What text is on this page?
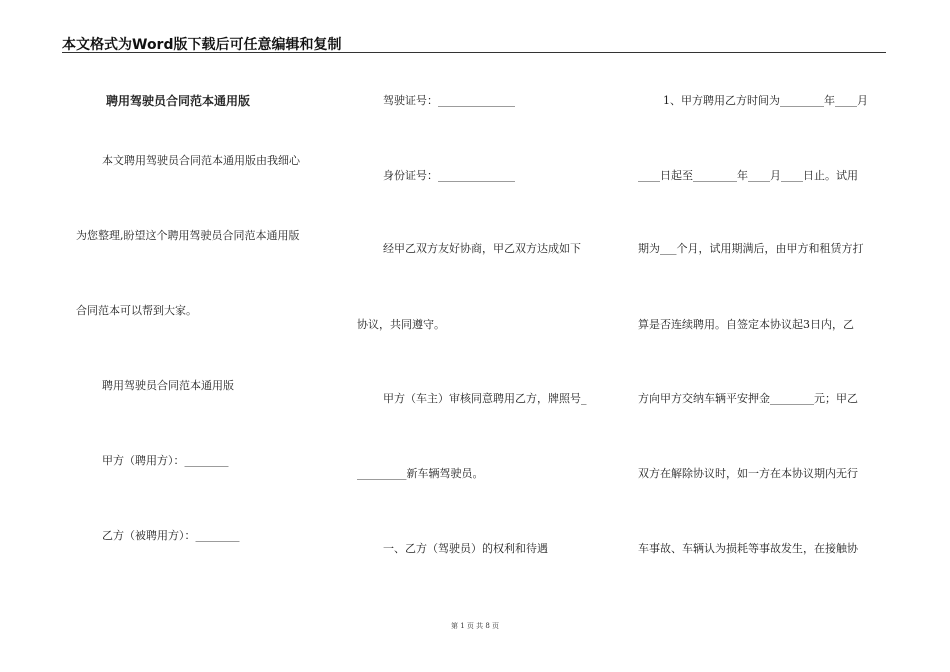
本文格式为Word版下载后可任意编辑和复制
聘用驾驶员合同范本通用版
本文聘用驾驶员合同范本通用版由我细心
为您整理,盼望这个聘用驾驶员合同范本通用版
合同范本可以帮到大家。
聘用驾驶员合同范本通用版
甲方（聘用方）：________
乙方（被聘用方）：________
驾驶证号：______________
身份证号：______________
经甲乙双方友好协商，甲乙双方达成如下
协议，共同遵守。
甲方（车主）审核同意聘用乙方，牌照号_
_________新车辆驾驶员。
一、乙方（驾驶员）的权利和待遇
1、甲方聘用乙方时间为________年____月
____日起至________年____月____日止。试用
期为___个月，试用期满后，由甲方和租赁方打
算是否连续聘用。自签定本协议起3日内，乙
方向甲方交纳车辆平安押金________元；甲乙
双方在解除协议时，如一方在本协议期内无行
车事故、车辆认为损耗等事故发生，在接触协
第 1 页 共 8 页
